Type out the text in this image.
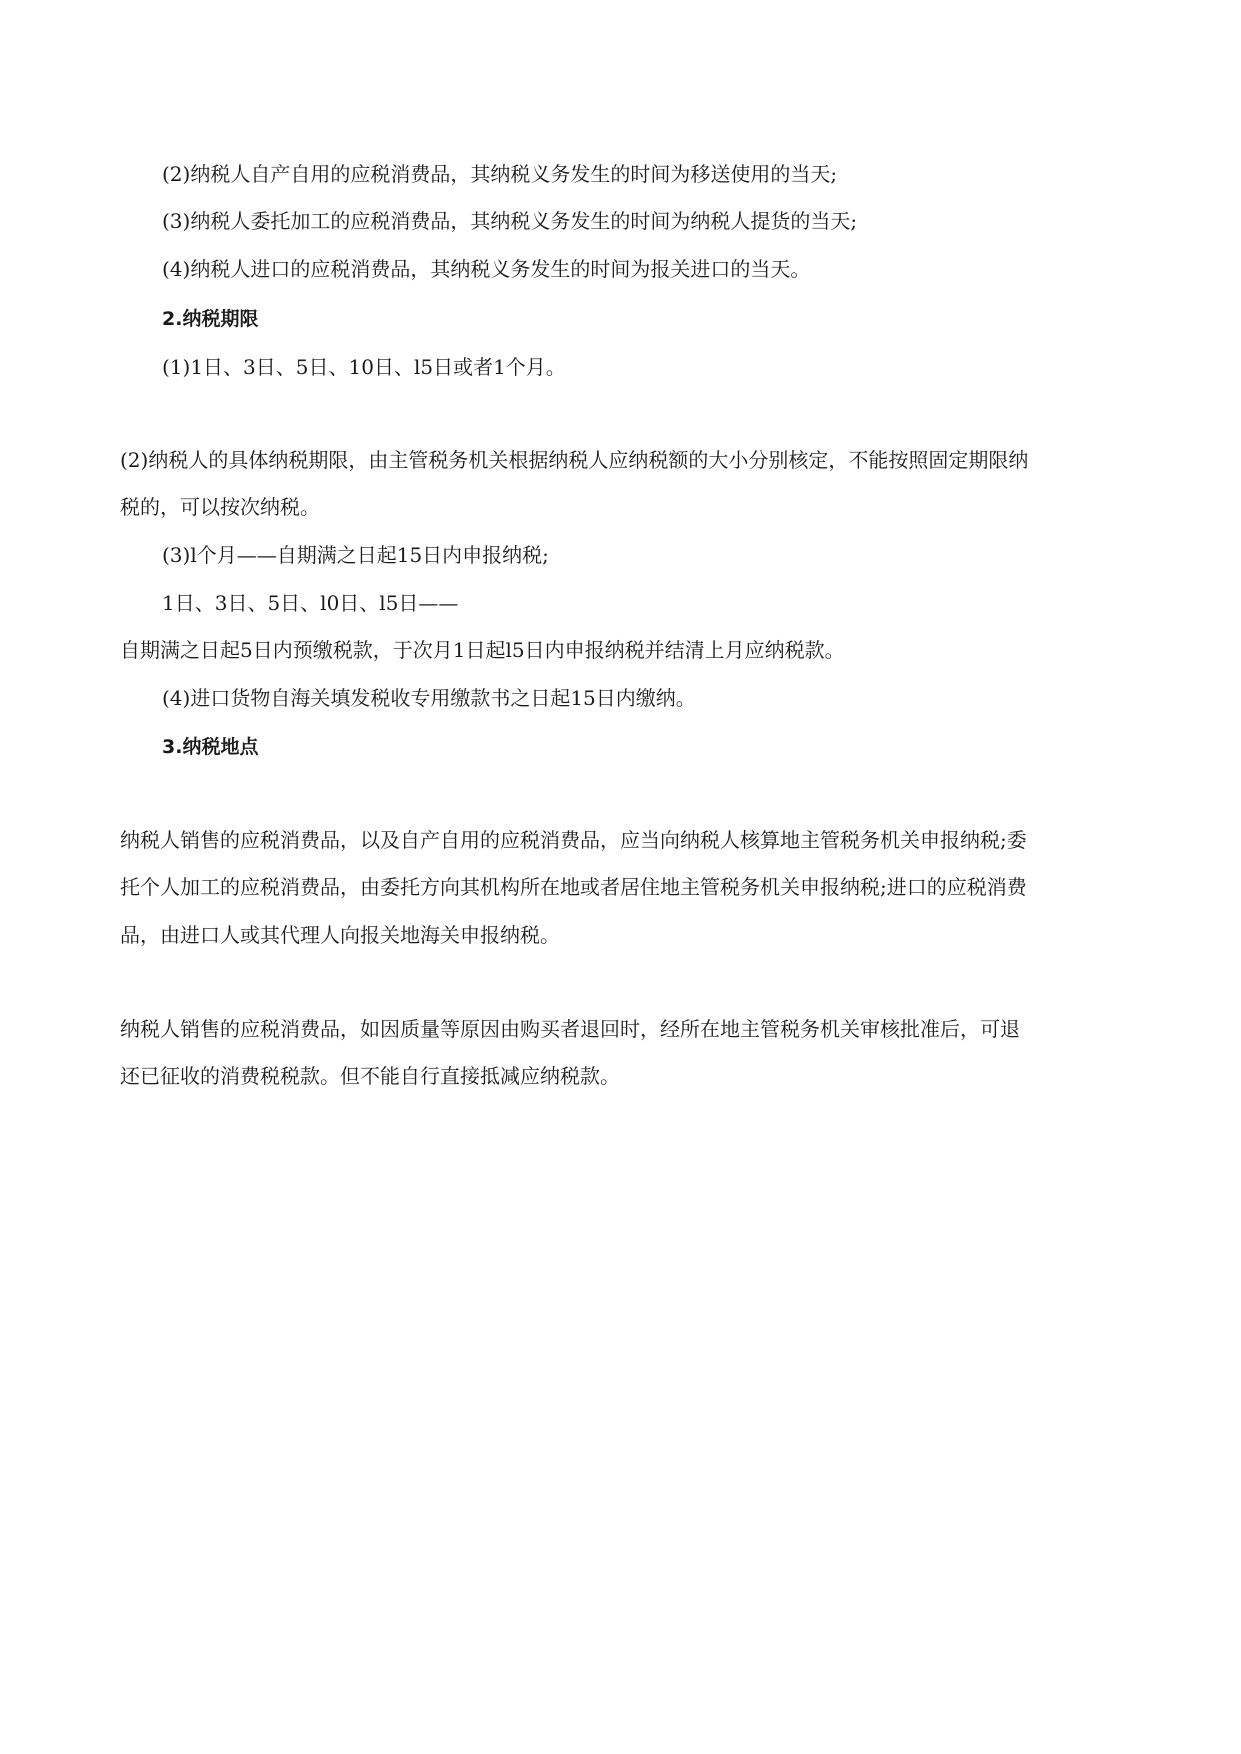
(2)纳税人自产自用的应税消费品，其纳税义务发生的时间为移送使用的当天;

(3)纳税人委托加工的应税消费品，其纳税义务发生的时间为纳税人提货的当天;

(4)纳税人进口的应税消费品，其纳税义务发生的时间为报关进口的当天。

2.纳税期限

(1)1日、3日、5日、10日、l5日或者1个月。

(2)纳税人的具体纳税期限，由主管税务机关根据纳税人应纳税额的大小分别核定，不能按照固定期限纳

税的，可以按次纳税。

(3)l个月——自期满之日起15日内申报纳税;

1日、3日、5日、l0日、l5日——

自期满之日起5日内预缴税款，于次月1日起l5日内申报纳税并结清上月应纳税款。

(4)进口货物自海关填发税收专用缴款书之日起15日内缴纳。

3.纳税地点

纳税人销售的应税消费品，以及自产自用的应税消费品，应当向纳税人核算地主管税务机关申报纳税;委

托个人加工的应税消费品，由委托方向其机构所在地或者居住地主管税务机关申报纳税;进口的应税消费

品，由进口人或其代理人向报关地海关申报纳税。

纳税人销售的应税消费品，如因质量等原因由购买者退回时，经所在地主管税务机关审核批准后，可退

还已征收的消费税税款。但不能自行直接抵减应纳税款。
